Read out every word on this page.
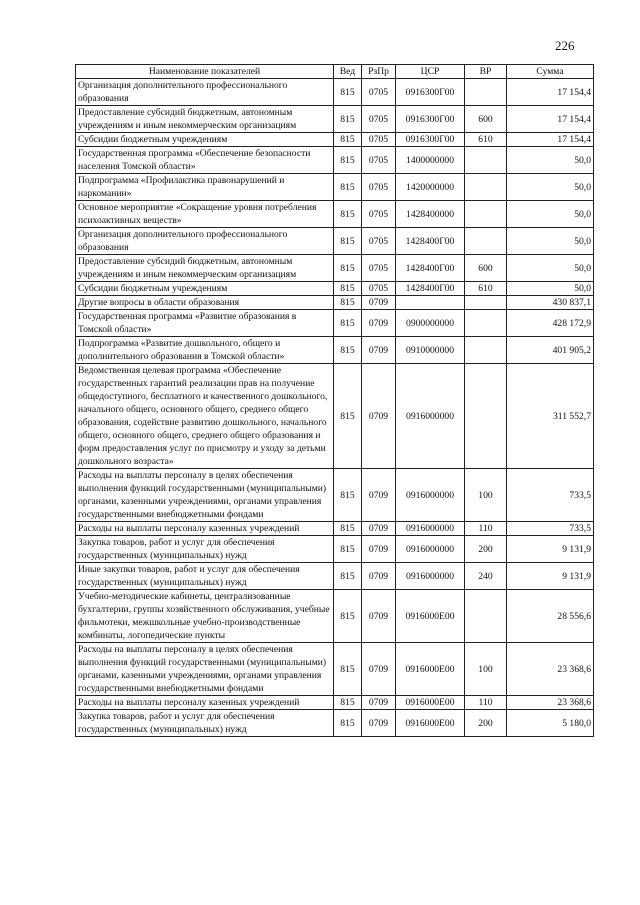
226
Наименование показателей	Вед	РзПр	ЦСР	ВР	Сумма
Организация дополнительного профессионального образования	815	0705	0916300Г00		17 154,4
Предоставление субсидий бюджетным, автономным учреждениям и иным некоммерческим организациям	815	0705	0916300Г00	600	17 154,4
Субсидии бюджетным учреждениям	815	0705	0916300Г00	610	17 154,4
Государственная программа «Обеспечение безопасности населения Томской области»	815	0705	1400000000		50,0
Подпрограмма «Профилактика правонарушений и наркомании»	815	0705	1420000000		50,0
Основное мероприятие «Сокращение уровня потребления психоактивных веществ»	815	0705	1428400000		50,0
Организация дополнительного профессионального образования	815	0705	1428400Г00		50,0
Предоставление субсидий бюджетным, автономным учреждениям и иным некоммерческим организациям	815	0705	1428400Г00	600	50,0
Субсидии бюджетным учреждениям	815	0705	1428400Г00	610	50,0
Другие вопросы в области образования	815	0709			430 837,1
Государственная программа «Развитие образования в Томской области»	815	0709	0900000000		428 172,9
Подпрограмма «Развитие дошкольного, общего и дополнительного образования в Томской области»	815	0709	0910000000		401 905,2
Ведомственная целевая программа «Обеспечение государственных гарантий реализации прав на получение общедоступного, бесплатного и качественного дошкольного, начального общего, основного общего, среднего общего образования, содействие развитию дошкольного, начального общего, основного общего, среднего общего образования и форм предоставления услуг по присмотру и уходу за детьми дошкольного возраста»	815	0709	0916000000		311 552,7
Расходы на выплаты персоналу в целях обеспечения выполнения функций государственными (муниципальными) органами, казенными учреждениями, органами управления государственными внебюджетными фондами	815	0709	0916000000	100	733,5
Расходы на выплаты персоналу казенных учреждений	815	0709	0916000000	110	733,5
Закупка товаров, работ и услуг для обеспечения государственных (муниципальных) нужд	815	0709	0916000000	200	9 131,9
Иные закупки товаров, работ и услуг для обеспечения государственных (муниципальных) нужд	815	0709	0916000000	240	9 131,9
Учебно-методические кабинеты, централизованные бухгалтерии, группы хозяйственного обслуживания, учебные фильмотеки, межшкольные учебно-производственные комбинаты, логопедические пункты	815	0709	0916000Е00		28 556,6
Расходы на выплаты персоналу в целях обеспечения выполнения функций государственными (муниципальными) органами, казенными учреждениями, органами управления государственными внебюджетными фондами	815	0709	0916000Е00	100	23 368,6
Расходы на выплаты персоналу казенных учреждений	815	0709	0916000Е00	110	23 368,6
Закупка товаров, работ и услуг для обеспечения государственных (муниципальных) нужд	815	0709	0916000Е00	200	5 180,0
